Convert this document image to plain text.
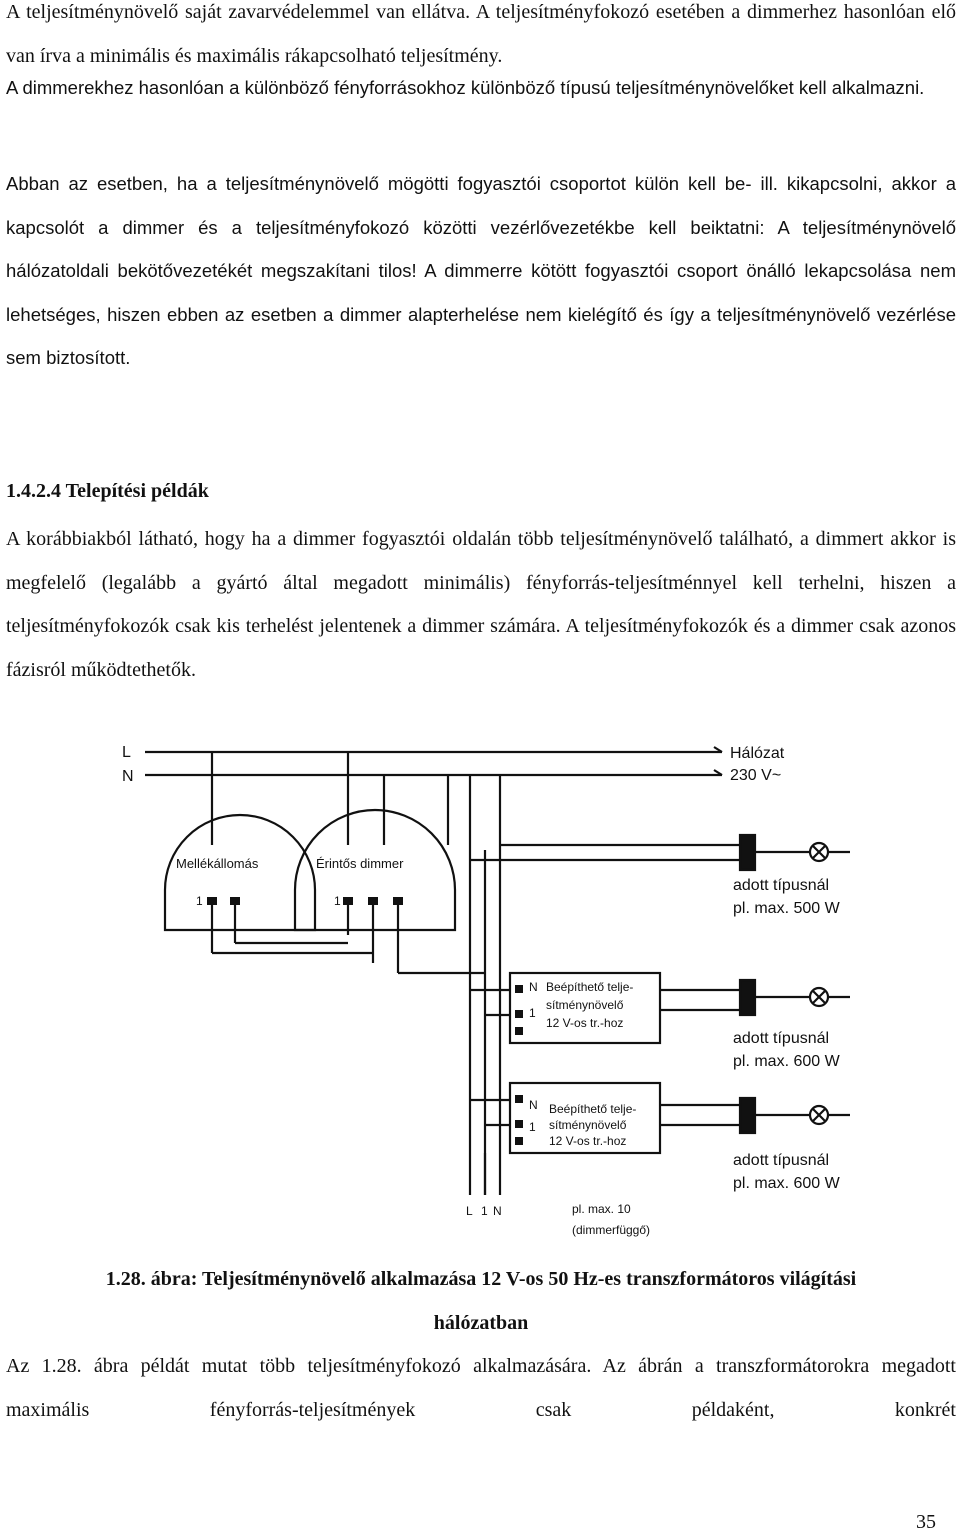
A teljesítménynövelő saját zavarvédelemmel van ellátva. A teljesítményfokozó esetében a dimmerhez hasonlóan elő van írva a minimális és maximális rákapcsolható teljesítmény.
A dimmerekhez hasonlóan a különböző fényforrásokhoz különböző típusú teljesítménynövelőket kell alkalmazni.
Abban az esetben, ha a teljesítménynövelő mögötti fogyasztói csoportot külön kell be- ill. kikapcsolni, akkor a kapcsolót a dimmer és a teljesítményfokozó közötti vezérlővezetékbe kell beiktatni: A teljesítménynövelő hálózatoldali bekötővezetékét megszakítani tilos! A dimmerre kötött fogyasztói csoport önálló lekapcsolása nem lehetséges, hiszen ebben az esetben a dimmer alapterhelése nem kielégítő és így a teljesítménynövelő vezérlése sem biztosított.
1.4.2.4 Telepítési példák
A korábbiakból látható, hogy ha a dimmer fogyasztói oldalán több teljesítménynövelő található, a dimmert akkor is megfelelő (legalább a gyártó által megadott minimális) fényforrás-teljesítménnyel kell terhelni, hiszen a teljesítményfokozók csak kis terhelést jelentenek a dimmer számára. A teljesítményfokozók és a dimmer csak azonos fázisról működtethetők.
L
N
Hálózat
230 V~
Mellékállomás	Érintős dimmer
1	1
N
1
Beépíthető telje-
sítménynövelő
12 V-os tr.-hoz
N
1
Beépíthető telje-
sítménynövelő
12 V-os tr.-hoz
adott típusnál
pl. max. 500 W
adott típusnál
pl. max. 600 W
adott típusnál
pl. max. 600 W
L 1 N	pl. max. 10
(dimmerfüggő)
1.28. ábra: Teljesítménynövelő alkalmazása 12 V-os 50 Hz-es transzformátoros világítási
hálózatban
Az 1.28. ábra példát mutat több teljesítményfokozó alkalmazására. Az ábrán a transzformátorokra megadott maximális fényforrás-teljesítmények csak példaként, konkrét
35
